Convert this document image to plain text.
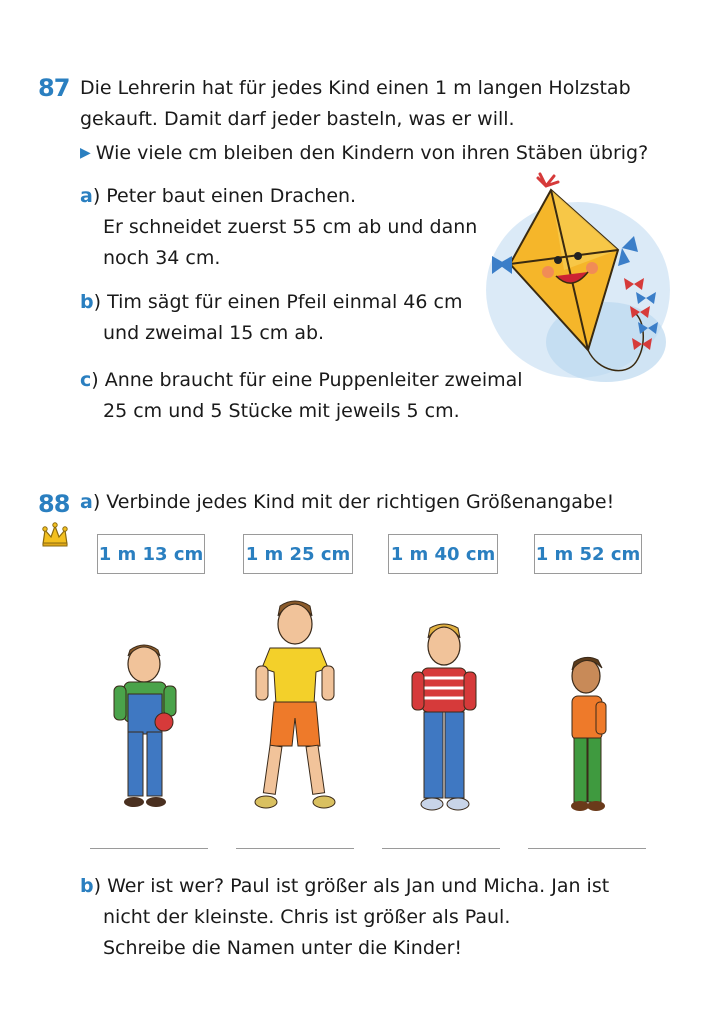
87 Die Lehrerin hat für jedes Kind einen 1 m langen Holzstab
gekauft. Damit darf jeder basteln, was er will.
▶ Wie viele cm bleiben den Kindern von ihren Stäben übrig?
a) Peter baut einen Drachen.
Er schneidet zuerst 55 cm ab und dann
noch 34 cm.
b) Tim sägt für einen Pfeil einmal 46 cm
und zweimal 15 cm ab.
c) Anne braucht für eine Puppenleiter zweimal
25 cm und 5 Stücke mit jeweils 5 cm.
88 a) Verbinde jedes Kind mit der richtigen Größenangabe!
1 m 13 cm 1 m 25 cm 1 m 40 cm 1 m 52 cm
b) Wer ist wer? Paul ist größer als Jan und Micha. Jan ist
nicht der kleinste. Chris ist größer als Paul.
Schreibe die Namen unter die Kinder!
